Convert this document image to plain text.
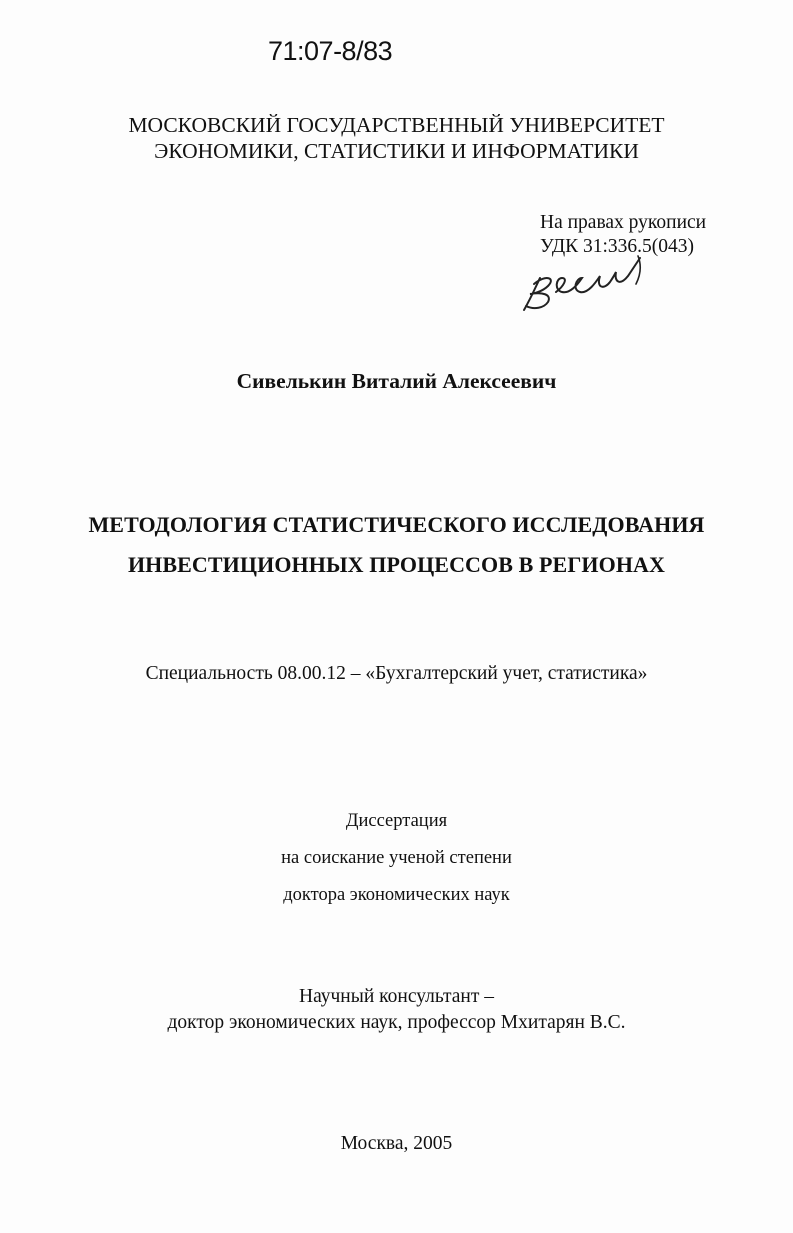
71:07-8/83
МОСКОВСКИЙ ГОСУДАРСТВЕННЫЙ УНИВЕРСИТЕТ
ЭКОНОМИКИ, СТАТИСТИКИ И ИНФОРМАТИКИ
На правах рукописи
УДК 31:336.5(043)
Сивелькин Виталий Алексеевич
МЕТОДОЛОГИЯ СТАТИСТИЧЕСКОГО ИССЛЕДОВАНИЯ
ИНВЕСТИЦИОННЫХ ПРОЦЕССОВ В РЕГИОНАХ
Специальность 08.00.12 – «Бухгалтерский учет, статистика»
Диссертация
на соискание ученой степени
доктора экономических наук
Научный консультант –
доктор экономических наук, профессор Мхитарян В.С.
Москва, 2005
